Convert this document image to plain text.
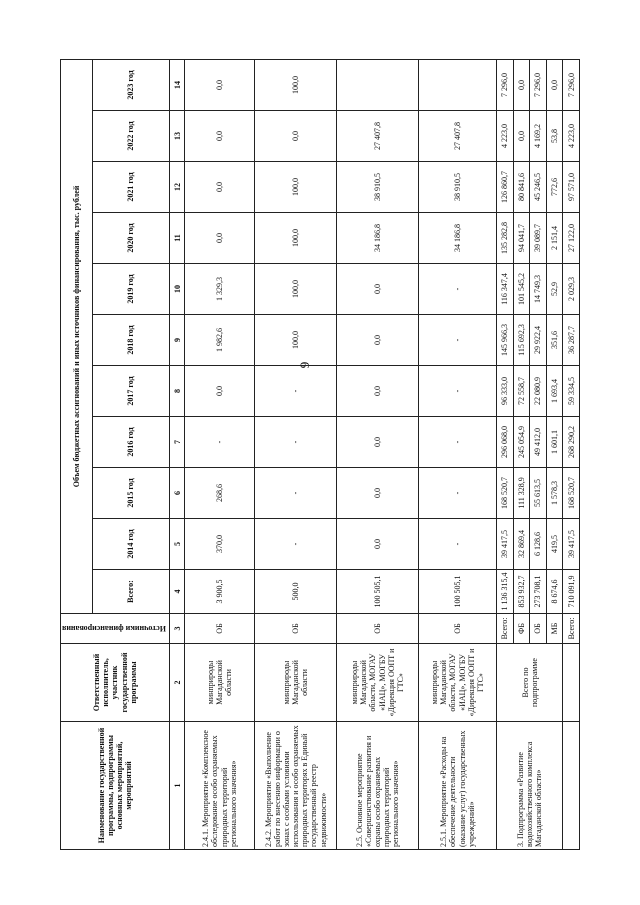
9
Наименование государственной программы, подпрограммы основных мероприятий, мероприятий	Ответственный исполнитель, участник государственной программы	Источники финансирования	Объем бюджетных ассигнований и иных источников финансирования, тыс. рублей										
			Всего:	2014 год	2015 год	2016 год	2017 год	2018 год	2019 год	2020 год	2021 год	2022 год	2023 год
1	2	3	4	5	6	7	8	9	10	11	12	13	14
2.4.1. Мероприятие «Комплексное обследование особо охраняемых природных территорий регионального значения»	минприроды Магаданской области	ОБ	3 900,5	370,0	268,6	-	0,0	1 982,6	1 329,3	0,0	0,0	0,0	0,0
2.4.2. Мероприятие «Выполнение работ по внесению информации о зонах с особыми условиями использования и особо охраняемых природных территорях в Единый государственный реестр недвижимости»	минприроды Магаданской области	ОБ	500,0	-	-	-	-	100,0	100,0	100,0	100,0	0,0	100,0
2.5. Основное мероприятие «Совершенствование развития и охраны особо охраняемых природных территорий регионального значения»	минприроды Магаданской области, МОГАУ «ИАЦ», МОГБУ «Дирекция ООПТ и ГТС»	ОБ	100 505,1	0,0	0,0	0,0	0,0	0,0	0,0	34 186,8	38 910,5	27 407,8	
2.5.1. Мероприятие «Расходы на обеспечение деятельности (оказание услуг) государственных учреждений»	минприроды Магаданской области, МОГАУ «ИАЦ», МОГБУ «Дирекция ООПТ и ГТС»	ОБ	100 505,1	-	-	-	-	-	-	34 186,8	38 910,5	27 407,8	
3. Подпрограмма «Развитие водохозяйственного комплекса Магаданской области»	Всего по подпрограмме	Всего:	1 136 315,4	39 417,5	168 520,7	296 068,0	96 333,0	145 966,3	116 347,4	135 282,8	126 860,7	4 223,0	7 296,0
		ФБ	853 932,7	32 869,4	111 328,9	245 054,9	72 558,7	115 692,3	101 545,2	94 041,7	80 841,6	0,0	0,0
		ОБ	273 708,1	6 128,6	55 613,5	49 412,0	22 080,9	29 922,4	14 749,3	39 089,7	45 246,5	4 169,2	7 296,0
		МБ	8 674,6	419,5	1 578,3	1 601,1	1 693,4	351,6	52,9	2 151,4	772,6	53,8	0,0
		Всего:	710 091,9	39 417,5	168 520,7	268 290,2	59 334,5	36 287,7	2 029,3	27 122,0	97 571,0	4 223,0	7 296,0
